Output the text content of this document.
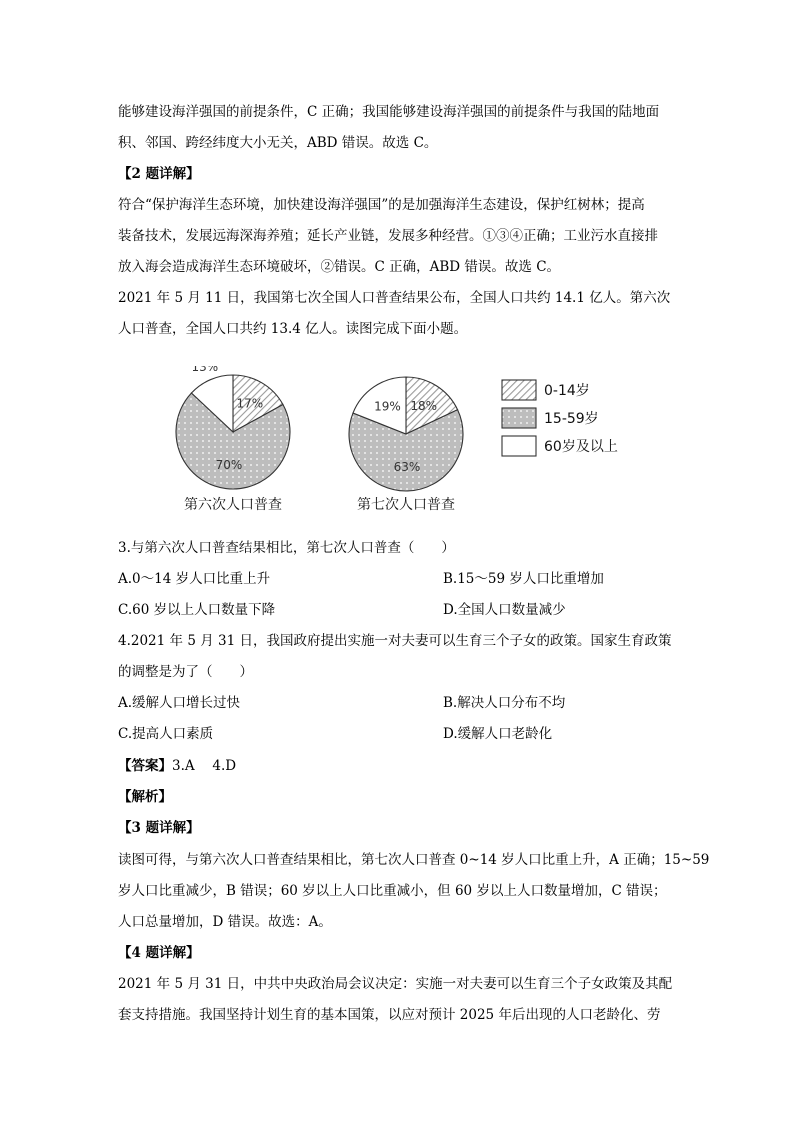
能够建设海洋强国的前提条件，C 正确；我国能够建设海洋强国的前提条件与我国的陆地面
积、邻国、跨经纬度大小无关，ABD 错误。故选 C。
【2 题详解】
符合“保护海洋生态环境，加快建设海洋强国”的是加强海洋生态建设，保护红树林；提高
装备技术，发展远海深海养殖；延长产业链，发展多种经营。①③④正确；工业污水直接排
放入海会造成海洋生态环境破坏，②错误。C 正确，ABD 错误。故选 C。
2021 年 5 月 11 日，我国第七次全国人口普查结果公布，全国人口共约 14.1 亿人。第六次
人口普查，全国人口共约 13.4 亿人。读图完成下面小题。
17%
70%
13%
第六次人口普查
18%
63%
19%
第七次人口普查
0-14岁
15-59岁
60岁及以上
3.与第六次人口普查结果相比，第七次人口普查（　　）
A.0～14 岁人口比重上升	B.15～59 岁人口比重增加
C.60 岁以上人口数量下降	D.全国人口数量减少
4.2021 年 5 月 31 日，我国政府提出实施一对夫妻可以生育三个子女的政策。国家生育政策
的调整是为了（　　）
A.缓解人口增长过快	B.解决人口分布不均
C.提高人口素质	D.缓解人口老龄化
【答案】3.A　 4.D
【解析】
【3 题详解】
读图可得，与第六次人口普查结果相比，第七次人口普查 0~14 岁人口比重上升，A 正确；15~59
岁人口比重减少，B 错误；60 岁以上人口比重减小，但 60 岁以上人口数量增加，C 错误；
人口总量增加，D 错误。故选：A。
【4 题详解】
2021 年 5 月 31 日，中共中央政治局会议决定：实施一对夫妻可以生育三个子女政策及其配
套支持措施。我国坚持计划生育的基本国策，以应对预计 2025 年后出现的人口老龄化、劳
